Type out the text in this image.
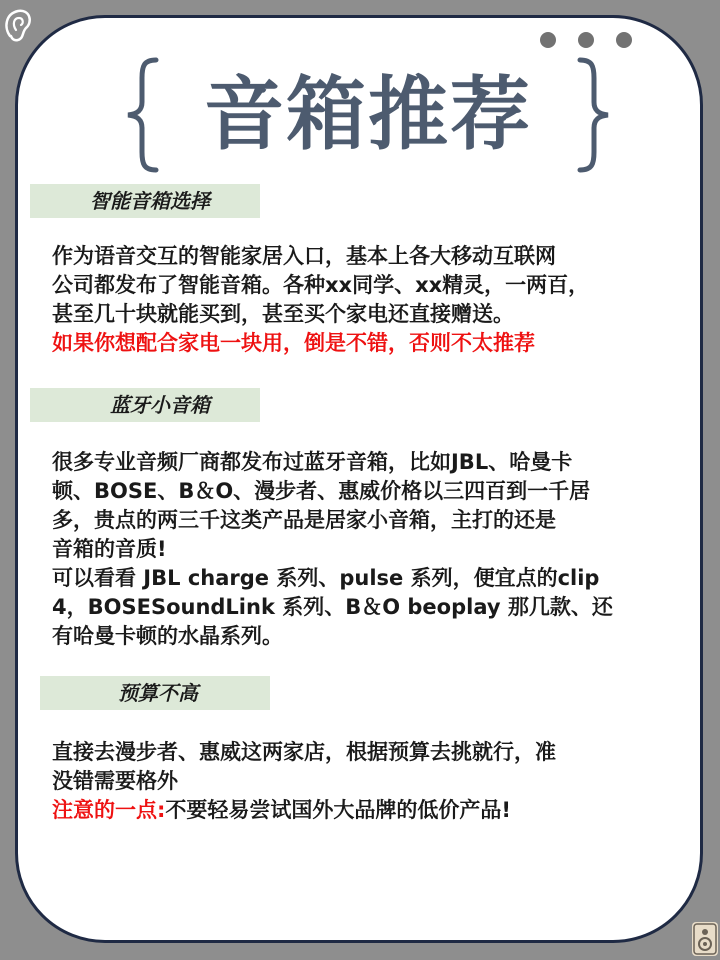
音箱推荐
智能音箱选择
作为语音交互的智能家居入口，基本上各大移动互联网
公司都发布了智能音箱。各种xx同学、xx精灵，一两百，
甚至几十块就能买到，甚至买个家电还直接赠送。
如果你想配合家电一块用，倒是不错，否则不太推荐
蓝牙小音箱
很多专业音频厂商都发布过蓝牙音箱，比如JBL、哈曼卡
顿、BOSE、B＆O、漫步者、惠威价格以三四百到一千居
多，贵点的两三千这类产品是居家小音箱，主打的还是
音箱的音质!
可以看看 JBL charge 系列、pulse 系列，便宜点的clip
4，BOSESoundLink 系列、B＆O beoplay 那几款、还
有哈曼卡顿的水晶系列。
预算不高
直接去漫步者、惠威这两家店，根据预算去挑就行，准
没错需要格外
注意的一点:不要轻易尝试国外大品牌的低价产品!
